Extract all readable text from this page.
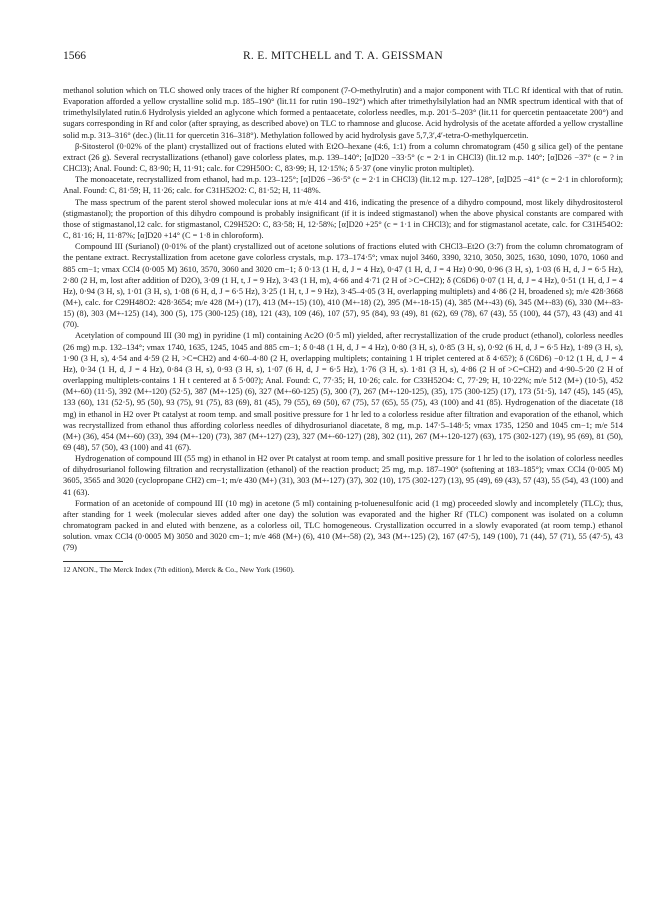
1566	R. E. MITCHELL and T. A. GEISSMAN

methanol solution which on TLC showed only traces of the higher Rf component (7-O-methylrutin) and a major component with TLC Rf identical with that of rutin. Evaporation afforded a yellow crystalline solid m.p. 185–190° (lit.11 for rutin 190–192°) which after trimethylsilylation had an NMR spectrum identical with that of trimethylsilylated rutin.6 Hydrolysis yielded an aglycone which formed a pentaacetate, colorless needles, m.p. 201·5–203° (lit.11 for quercetin pentaacetate 200°) and sugars corresponding in Rf and color (after spraying, as described above) on TLC to rhamnose and glucose. Acid hydrolysis of the acetate afforded a yellow crystalline solid m.p. 313–316° (dec.) (lit.11 for quercetin 316–318°). Methylation followed by acid hydrolysis gave 5,7,3′,4′-tetra-O-methylquercetin.

β-Sitosterol (0·02% of the plant) crystallized out of fractions eluted with Et2O–hexane (4:6, 1:1) from a column chromatogram (450 g silica gel) of the pentane extract (26 g). Several recrystallizations (ethanol) gave colorless plates, m.p. 139–140°; [α]D20 −33·5° (c = 2·1 in CHCl3) (lit.12 m.p. 140°; [α]D26 −37° (c = ? in CHCl3); Anal. Found: C, 83·90; H, 11·91; calc. for C29H50O: C, 83·99; H, 12·15%; δ 5·37 (one vinylic proton multiplet).

The monoacetate, recrystallized from ethanol, had m.p. 123–125°; [α]D26 −36·5° (c = 2·1 in CHCl3) (lit.12 m.p. 127–128°, [α]D25 −41° (c = 2·1 in chloroform); Anal. Found: C, 81·59; H, 11·26; calc. for C31H52O2: C, 81·52; H, 11·48%.

The mass spectrum of the parent sterol showed molecular ions at m/e 414 and 416, indicating the presence of a dihydro compound, most likely dihydrositosterol (stigmastanol); the proportion of this dihydro compound is probably insignificant (if it is indeed stigmastanol) when the above physical constants are compared with those of stigmastanol,12 calc. for stigmastanol, C29H52O: C, 83·58; H, 12·58%; [α]D20 +25° (c = 1·1 in CHCl3); and for stigmastanol acetate, calc. for C31H54O2: C, 81·16; H, 11·87%; [α]D20 +14° (C = 1·8 in chloroform).

Compound III (Surianol) (0·01% of the plant) crystallized out of acetone solutions of fractions eluted with CHCl3–Et2O (3:7) from the column chromatogram of the pentane extract. Recrystallization from acetone gave colorless crystals, m.p. 173–174·5°; νmax nujol 3460, 3390, 3210, 3050, 3025, 1630, 1090, 1070, 1060 and 885 cm−1; νmax CCl4 (0·005 M) 3610, 3570, 3060 and 3020 cm−1; δ 0·13 (1 H, d, J = 4 Hz), 0·47 (1 H, d, J = 4 Hz) 0·90, 0·96 (3 H, s), 1·03 (6 H, d, J = 6·5 Hz), 2·80 (2 H, m, lost after addition of D2O), 3·09 (1 H, t, J = 9 Hz), 3·43 (1 H, m), 4·66 and 4·71 (2 H of >C=CH2); δ (C6D6) 0·07 (1 H, d, J = 4 Hz), 0·51 (1 H, d, J = 4 Hz), 0·94 (3 H, s), 1·01 (3 H, s), 1·08 (6 H, d, J = 6·5 Hz), 3·25 (1 H, t, J = 9 Hz), 3·45–4·05 (3 H, overlapping multiplets) and 4·86 (2 H, broadened s); m/e 428·3668 (M+), calc. for C29H48O2: 428·3654; m/e 428 (M+) (17), 413 (M+-15) (10), 410 (M+-18) (2), 395 (M+-18-15) (4), 385 (M+-43) (6), 345 (M+-83) (6), 330 (M+-83-15) (8), 303 (M+-125) (14), 300 (5), 175 (300-125) (18), 121 (43), 109 (46), 107 (57), 95 (84), 93 (49), 81 (62), 69 (78), 67 (43), 55 (100), 44 (57), 43 (43) and 41 (70).

Acetylation of compound III (30 mg) in pyridine (1 ml) containing Ac2O (0·5 ml) yielded, after recrystallization of the crude product (ethanol), colorless needles (26 mg) m.p. 132–134°; νmax 1740, 1635, 1245, 1045 and 885 cm−1; δ 0·48 (1 H, d, J = 4 Hz), 0·80 (3 H, s), 0·85 (3 H, s), 0·92 (6 H, d, J = 6·5 Hz), 1·89 (3 H, s), 1·90 (3 H, s), 4·54 and 4·59 (2 H, >C=CH2) and 4·60–4·80 (2 H, overlapping multiplets; containing 1 H triplet centered at δ 4·65?); δ (C6D6) −0·12 (1 H, d, J = 4 Hz), 0·34 (1 H, d, J = 4 Hz), 0·84 (3 H, s), 0·93 (3 H, s), 1·07 (6 H, d, J = 6·5 Hz), 1·76 (3 H, s). 1·81 (3 H, s), 4·86 (2 H of >C=CH2) and 4·90–5·20 (2 H of overlapping multiplets-contains 1 H t centered at δ 5·00?); Anal. Found: C, 77·35; H, 10·26; calc. for C33H52O4: C, 77·29; H, 10·22%; m/e 512 (M+) (10·5), 452 (M+-60) (11·5), 392 (M+-120) (52·5), 387 (M+-125) (6), 327 (M+-60-125) (5), 300 (7), 267 (M+-120-125), (35), 175 (300-125) (17), 173 (51·5), 147 (45), 145 (45), 133 (60), 131 (52·5), 95 (50), 93 (75), 91 (75), 83 (69), 81 (45), 79 (55), 69 (50), 67 (75), 57 (65), 55 (75), 43 (100) and 41 (85). Hydrogenation of the diacetate (18 mg) in ethanol in H2 over Pt catalyst at room temp. and small positive pressure for 1 hr led to a colorless residue after filtration and evaporation of the ethanol, which was recrystallized from ethanol thus affording colorless needles of dihydrosurianol diacetate, 8 mg, m.p. 147·5–148·5; νmax 1735, 1250 and 1045 cm−1; m/e 514 (M+) (36), 454 (M+-60) (33), 394 (M+-120) (73), 387 (M+-127) (23), 327 (M+-60-127) (28), 302 (11), 267 (M+-120-127) (63), 175 (302-127) (19), 95 (69), 81 (50), 69 (48), 57 (50), 43 (100) and 41 (67).

Hydrogenation of compound III (55 mg) in ethanol in H2 over Pt catalyst at room temp. and small positive pressure for 1 hr led to the isolation of colorless needles of dihydrosurianol following filtration and recrystallization (ethanol) of the reaction product; 25 mg, m.p. 187–190° (softening at 183–185°); νmax CCl4 (0·005 M) 3605, 3565 and 3020 (cyclopropane CH2) cm−1; m/e 430 (M+) (31), 303 (M+-127) (37), 302 (10), 175 (302-127) (13), 95 (49), 69 (43), 57 (43), 55 (54), 43 (100) and 41 (63).

Formation of an acetonide of compound III (10 mg) in acetone (5 ml) containing p-toluenesulfonic acid (1 mg) proceeded slowly and incompletely (TLC); thus, after standing for 1 week (molecular sieves added after one day) the solution was evaporated and the higher Rf (TLC) component was isolated on a column chromatogram packed in and eluted with benzene, as a colorless oil, TLC homogeneous. Crystallization occurred in a slowly evaporated (at room temp.) ethanol solution. νmax CCl4 (0·0005 M) 3050 and 3020 cm−1; m/e 468 (M+) (6), 410 (M+-58) (2), 343 (M+-125) (2), 167 (47·5), 149 (100), 71 (44), 57 (71), 55 (47·5), 43 (79)

12 ANON., The Merck Index (7th edition), Merck & Co., New York (1960).
